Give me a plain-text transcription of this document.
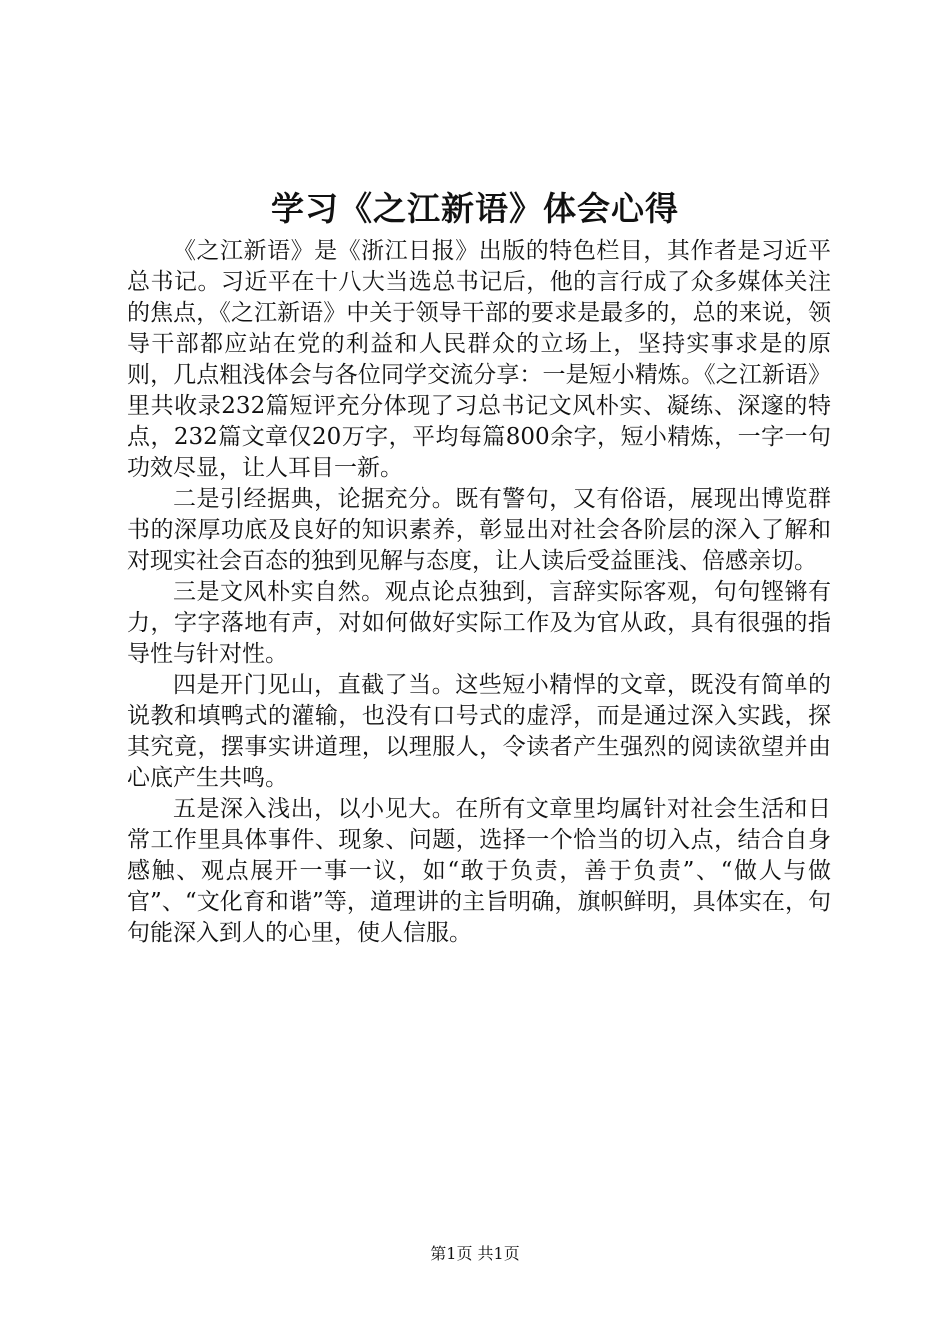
学习《之江新语》体会心得

《之江新语》是《浙江日报》出版的特色栏目，其作者是习近平总书记。习近平在十八大当选总书记后，他的言行成了众多媒体关注的焦点，《之江新语》中关于领导干部的要求是最多的，总的来说，领导干部都应站在党的利益和人民群众的立场上，坚持实事求是的原则，几点粗浅体会与各位同学交流分享：一是短小精炼。《之江新语》里共收录232篇短评充分体现了习总书记文风朴实、凝练、深邃的特点，232篇文章仅20万字，平均每篇800余字，短小精炼，一字一句功效尽显，让人耳目一新。

二是引经据典，论据充分。既有警句，又有俗语，展现出博览群书的深厚功底及良好的知识素养，彰显出对社会各阶层的深入了解和对现实社会百态的独到见解与态度，让人读后受益匪浅、倍感亲切。

三是文风朴实自然。观点论点独到，言辞实际客观，句句铿锵有力，字字落地有声，对如何做好实际工作及为官从政，具有很强的指导性与针对性。

四是开门见山，直截了当。这些短小精悍的文章，既没有简单的说教和填鸭式的灌输，也没有口号式的虚浮，而是通过深入实践，探其究竟，摆事实讲道理，以理服人，令读者产生强烈的阅读欲望并由心底产生共鸣。

五是深入浅出，以小见大。在所有文章里均属针对社会生活和日常工作里具体事件、现象、问题，选择一个恰当的切入点，结合自身感触、观点展开一事一议，如“敢于负责，善于负责”、“做人与做官”、“文化育和谐”等，道理讲的主旨明确，旗帜鲜明，具体实在，句句能深入到人的心里，使人信服。

第1页 共1页
